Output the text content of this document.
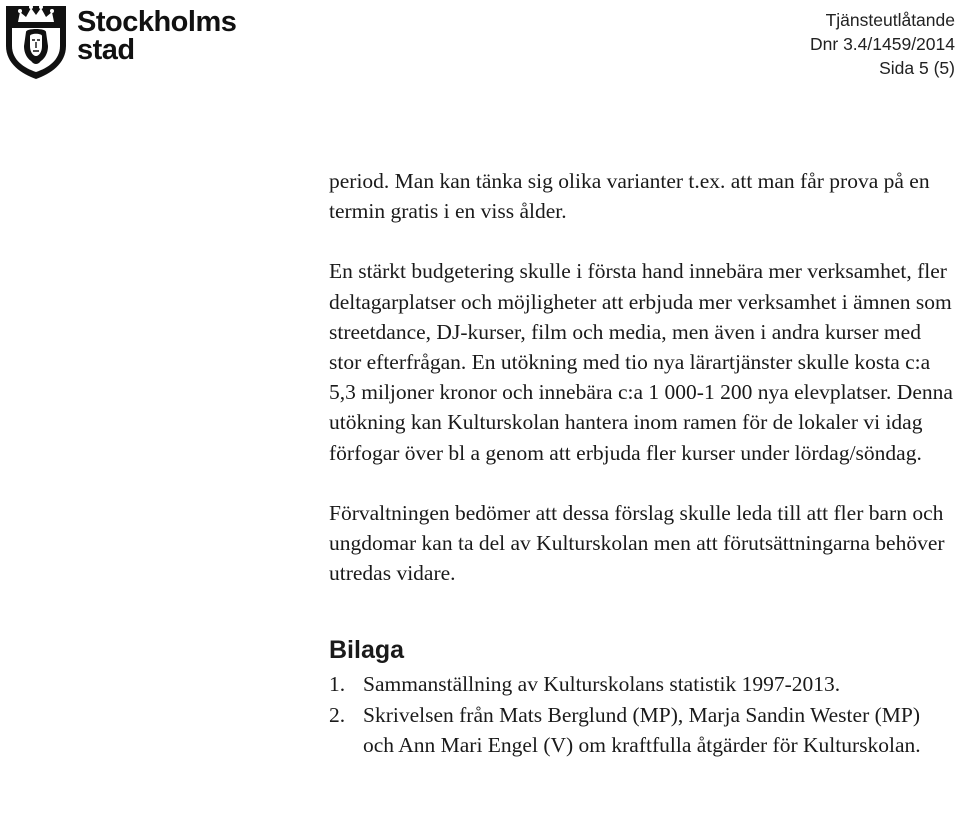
Stockholms
stad
Tjänsteutlåtande
Dnr 3.4/1459/2014
Sida 5 (5)

period. Man kan tänka sig olika varianter t.ex. att man får prova på en termin gratis i en viss ålder.

En stärkt budgetering skulle i första hand innebära mer verksamhet, fler deltagarplatser och möjligheter att erbjuda mer verksamhet i ämnen som streetdance, DJ-kurser, film och media, men även i andra kurser med stor efterfrågan. En utökning med tio nya lärartjänster skulle kosta c:a 5,3 miljoner kronor och innebära c:a 1 000-1 200 nya elevplatser. Denna utökning kan Kulturskolan hantera inom ramen för de lokaler vi idag förfogar över bl a genom att erbjuda fler kurser under lördag/söndag.

Förvaltningen bedömer att dessa förslag skulle leda till att fler barn och ungdomar kan ta del av Kulturskolan men att förutsättningarna behöver utredas vidare.

Bilaga
1. Sammanställning av Kulturskolans statistik 1997-2013.
2. Skrivelsen från Mats Berglund (MP), Marja Sandin Wester (MP) och Ann Mari Engel (V) om kraftfulla åtgärder för Kulturskolan.
